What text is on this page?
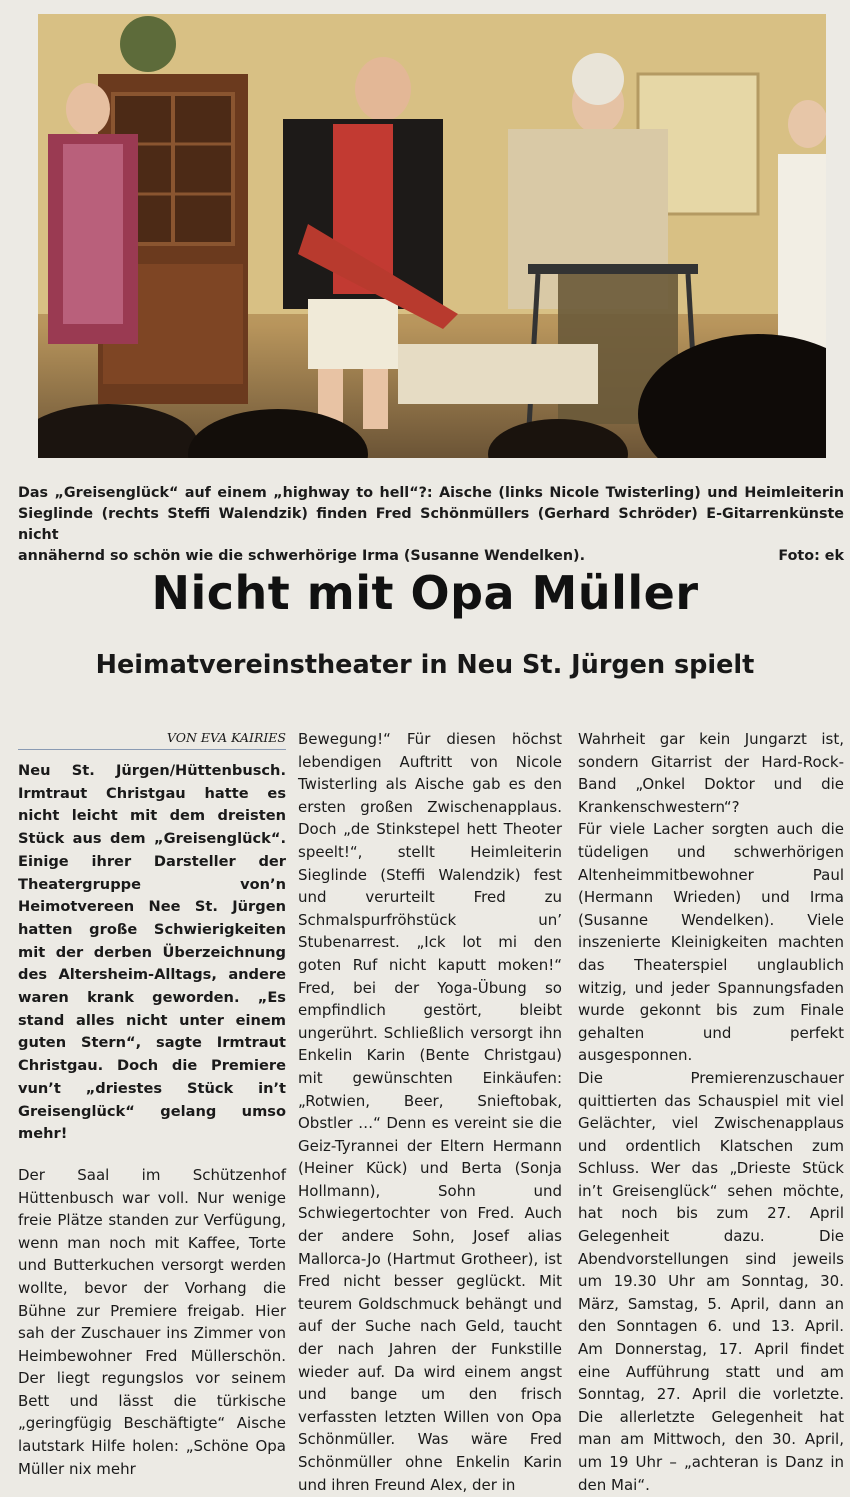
Das „Greisenglück“ auf einem „highway to hell“?: Aische (links Nicole Twisterling) und Heimleiterin
Sieglinde (rechts Steffi Walendzik) finden Fred Schönmüllers (Gerhard Schröder) E-Gitarrenkünste nicht
annähernd so schön wie die schwerhörige Irma (Susanne Wendelken).	Foto: ek
Nicht mit Opa Müller
Heimatvereinstheater in Neu St. Jürgen spielt
VON EVA KAIRIES

Neu St. Jürgen/Hüttenbusch. Irmtraut Christgau hatte es nicht leicht mit dem dreisten Stück aus dem „Greisenglück“. Einige ihrer Darsteller der Theatergruppe von’n Heimotvereen Nee St. Jürgen hatten große Schwierigkeiten mit der derben Überzeichnung des Altersheim-Alltags, andere waren krank geworden. „Es stand alles nicht unter einem guten Stern“, sagte Irmtraut Christgau. Doch die Premiere vun’t „driestes Stück in’t Greisenglück“ gelang umso mehr!

Der Saal im Schützenhof Hüttenbusch war voll. Nur wenige freie Plätze standen zur Verfügung, wenn man noch mit Kaffee, Torte und Butterkuchen versorgt werden wollte, bevor der Vorhang die Bühne zur Premiere freigab. Hier sah der Zuschauer ins Zimmer von Heimbewohner Fred Müllerschön. Der liegt regungslos vor seinem Bett und lässt die türkische „geringfügig Beschäftigte“ Aische lautstark Hilfe holen: „Schöne Opa Müller nix mehr

Bewegung!“ Für diesen höchst lebendigen Auftritt von Nicole Twisterling als Aische gab es den ersten großen Zwischenapplaus. Doch „de Stinkstepel hett Theoter speelt!“, stellt Heimleiterin Sieglinde (Steffi Walendzik) fest und verurteilt Fred zu Schmalspurfröhstück un’ Stubenarrest. „Ick lot mi den goten Ruf nicht kaputt moken!“ Fred, bei der Yoga-Übung so empfindlich gestört, bleibt ungerührt. Schließlich versorgt ihn Enkelin Karin (Bente Christgau) mit gewünschten Einkäufen: „Rotwien, Beer, Snieftobak, Obstler …“ Denn es vereint sie die Geiz-Tyrannei der Eltern Hermann (Heiner Kück) und Berta (Sonja Hollmann), Sohn und Schwiegertochter von Fred. Auch der andere Sohn, Josef alias Mallorca-Jo (Hartmut Grotheer), ist Fred nicht besser geglückt. Mit teurem Goldschmuck behängt und auf der Suche nach Geld, taucht der nach Jahren der Funkstille wieder auf. Da wird einem angst und bange um den frisch verfassten letzten Willen von Opa Schönmüller. Was wäre Fred Schönmüller ohne Enkelin Karin und ihren Freund Alex, der in

Wahrheit gar kein Jungarzt ist, sondern Gitarrist der Hard-Rock-Band „Onkel Doktor und die Krankenschwestern“?

Für viele Lacher sorgten auch die tüdeligen und schwerhörigen Altenheimmitbewohner Paul (Hermann Wrieden) und Irma (Susanne Wendelken). Viele inszenierte Kleinigkeiten machten das Theaterspiel unglaublich witzig, und jeder Spannungsfaden wurde gekonnt bis zum Finale gehalten und perfekt ausgesponnen.

Die Premierenzuschauer quittierten das Schauspiel mit viel Gelächter, viel Zwischenapplaus und ordentlich Klatschen zum Schluss. Wer das „Drieste Stück in’t Greisenglück“ sehen möchte, hat noch bis zum 27. April Gelegenheit dazu. Die Abendvorstellungen sind jeweils um 19.30 Uhr am Sonntag, 30. März, Samstag, 5. April, dann an den Sonntagen 6. und 13. April. Am Donnerstag, 17. April findet eine Aufführung statt und am Sonntag, 27. April die vorletzte. Die allerletzte Gelegenheit hat man am Mittwoch, den 30. April, um 19 Uhr – „achteran is Danz in den Mai“.
